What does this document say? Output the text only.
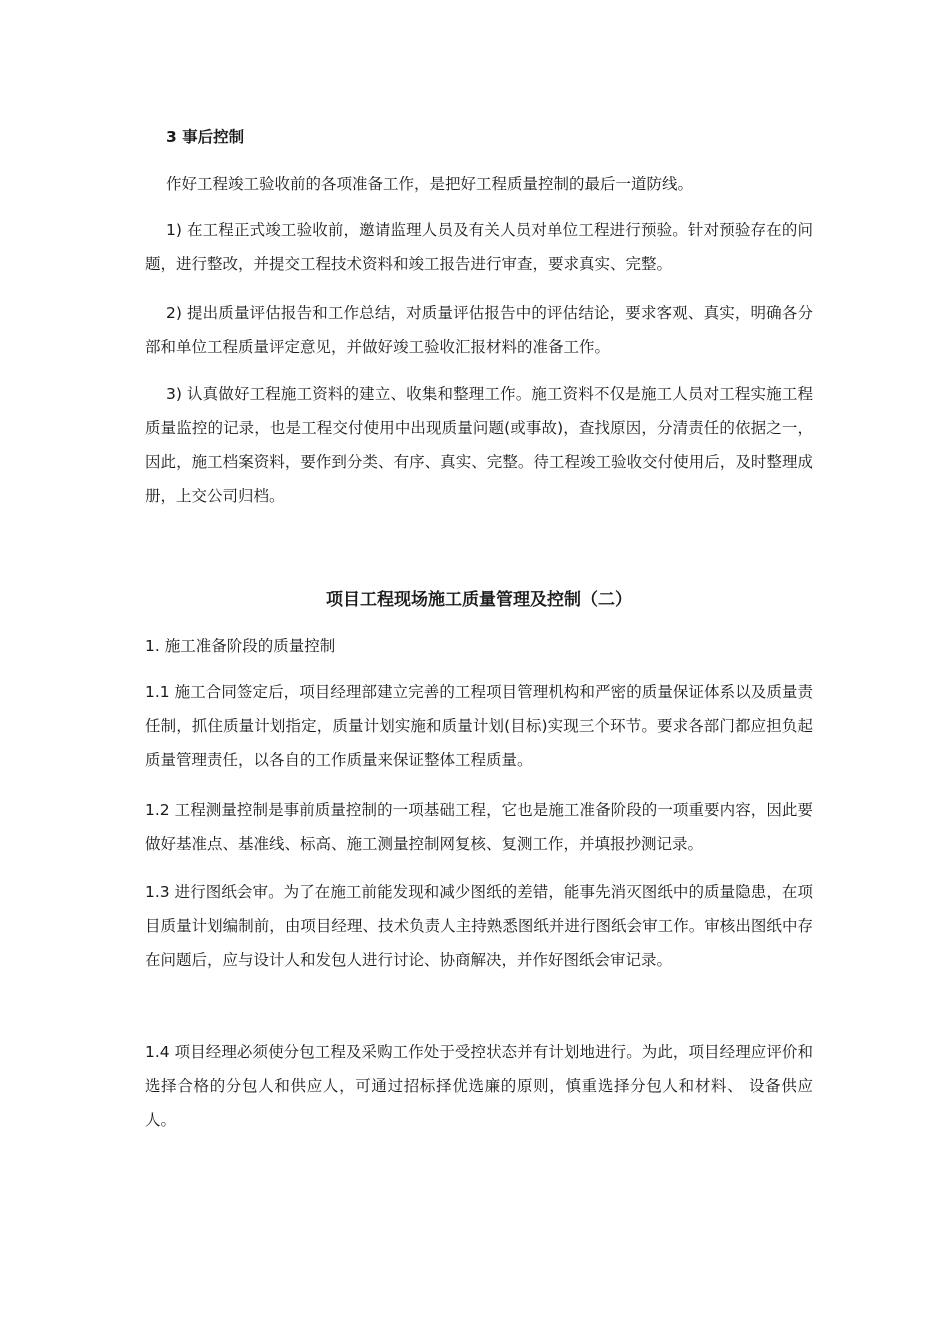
3 事后控制

作好工程竣工验收前的各项准备工作，是把好工程质量控制的最后一道防线。

1) 在工程正式竣工验收前，邀请监理人员及有关人员对单位工程进行预验。针对预验存在的问题，进行整改，并提交工程技术资料和竣工报告进行审查，要求真实、完整。

2) 提出质量评估报告和工作总结，对质量评估报告中的评估结论，要求客观、真实，明确各分部和单位工程质量评定意见，并做好竣工验收汇报材料的准备工作。

3) 认真做好工程施工资料的建立、收集和整理工作。施工资料不仅是施工人员对工程实施工程质量监控的记录，也是工程交付使用中出现质量问题(或事故)，查找原因，分清责任的依据之一，因此，施工档案资料，要作到分类、有序、真实、完整。待工程竣工验收交付使用后，及时整理成册，上交公司归档。

项目工程现场施工质量管理及控制（二）

1. 施工准备阶段的质量控制

1.1 施工合同签定后，项目经理部建立完善的工程项目管理机构和严密的质量保证体系以及质量责任制，抓住质量计划指定，质量计划实施和质量计划(目标)实现三个环节。要求各部门都应担负起质量管理责任，以各自的工作质量来保证整体工程质量。

1.2 工程测量控制是事前质量控制的一项基础工程，它也是施工准备阶段的一项重要内容，因此要做好基准点、基准线、标高、施工测量控制网复核、复测工作，并填报抄测记录。

1.3 进行图纸会审。为了在施工前能发现和减少图纸的差错，能事先消灭图纸中的质量隐患，在项目质量计划编制前，由项目经理、技术负责人主持熟悉图纸并进行图纸会审工作。审核出图纸中存在问题后，应与设计人和发包人进行讨论、协商解决，并作好图纸会审记录。

1.4 项目经理必须使分包工程及采购工作处于受控状态并有计划地进行。为此，项目经理应评价和选择合格的分包人和供应人，可通过招标择优选廉的原则，慎重选择分包人和材料、 设备供应人。
